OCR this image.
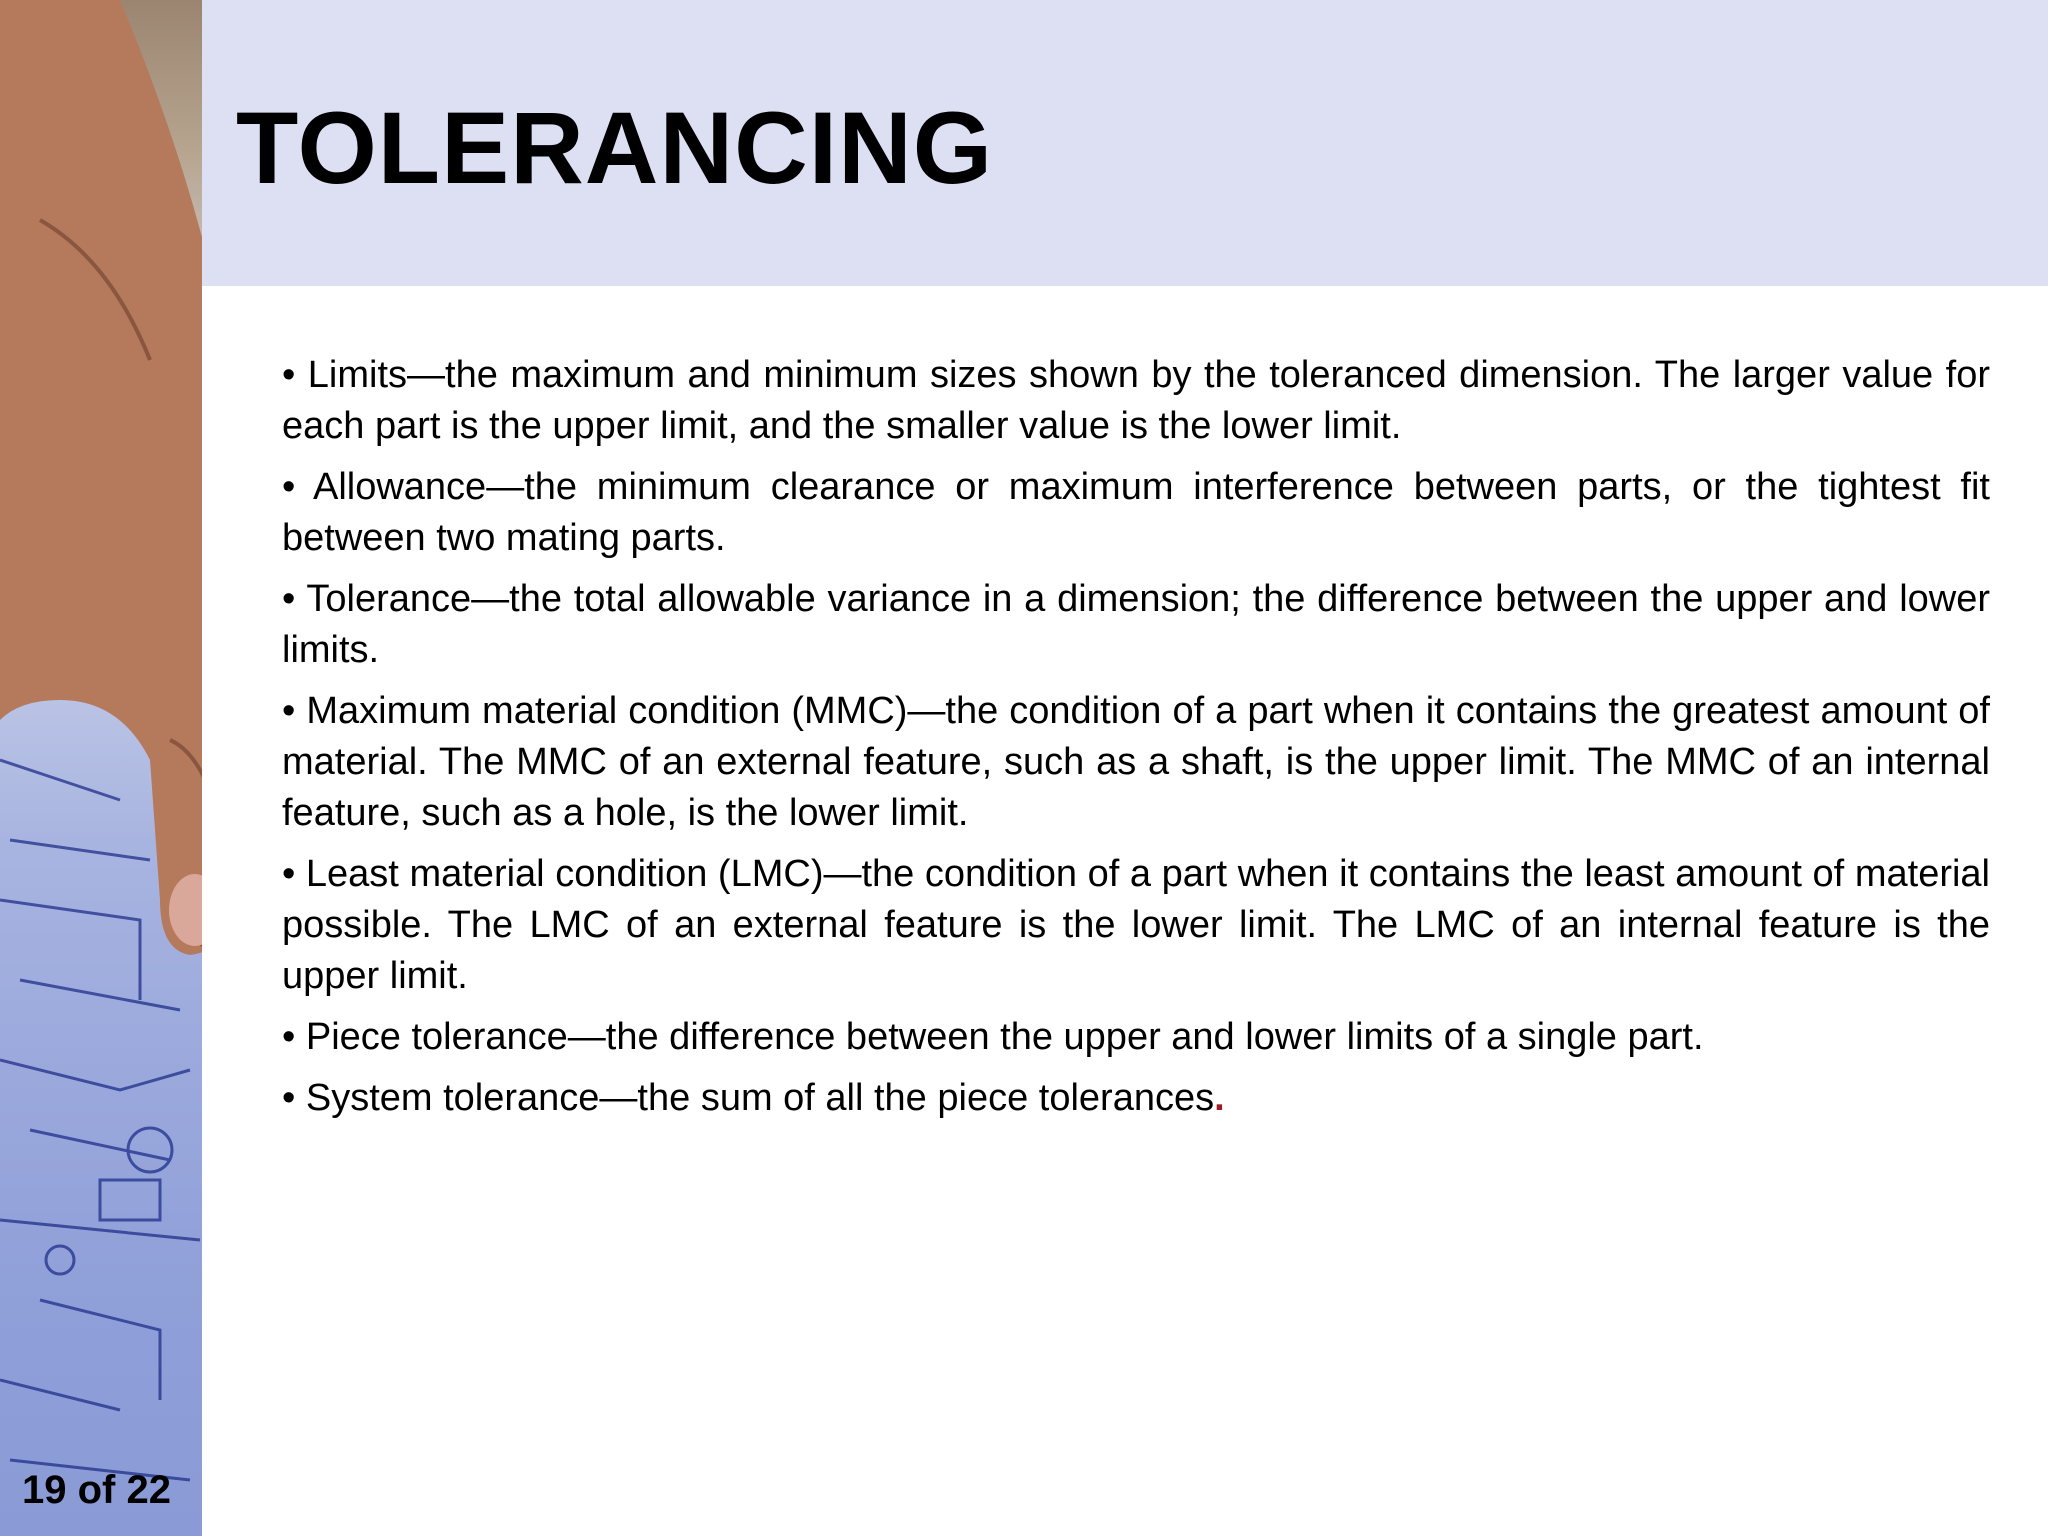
TOLERANCING

• Limits—the maximum and minimum sizes shown by the toleranced dimension. The larger value for each part is the upper limit, and the smaller value is the lower limit.

• Allowance—the minimum clearance or maximum interference between parts, or the tightest fit between two mating parts.

• Tolerance—the total allowable variance in a dimension; the difference between the upper and lower limits.

• Maximum material condition (MMC)—the condition of a part when it contains the greatest amount of material. The MMC of an external feature, such as a shaft, is the upper limit. The MMC of an internal feature, such as a hole, is the lower limit.

• Least material condition (LMC)—the condition of a part when it contains the least amount of material possible. The LMC of an external feature is the lower limit. The LMC of an internal feature is the upper limit.

• Piece tolerance—the difference between the upper and lower limits of a single part.

• System tolerance—the sum of all the piece tolerances.

19 of 22
